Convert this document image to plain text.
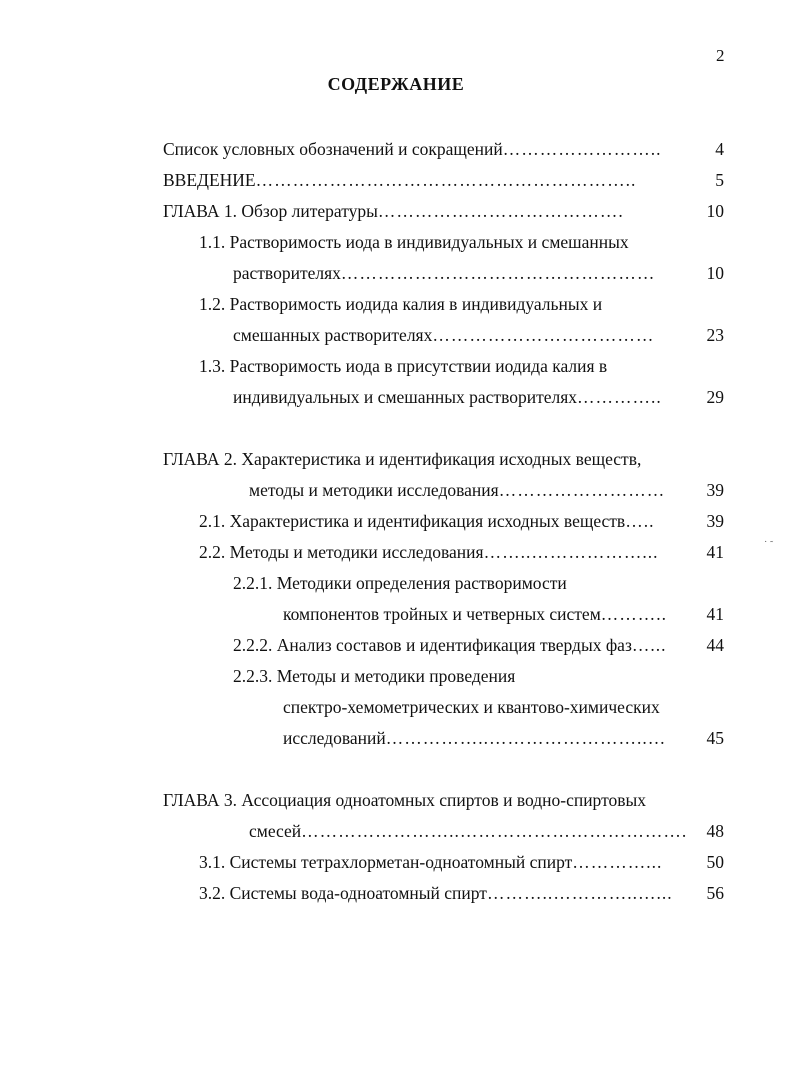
2
СОДЕРЖАНИЕ
Список условных обозначений и сокращений……………………..	4
ВВЕДЕНИЕ……………………………………………………..	5
ГЛАВА 1. Обзор литературы………………………………….	10
1.1. Растворимость иода в индивидуальных и смешанных
растворителях……………………………………………	10
1.2. Растворимость иодида калия в индивидуальных и
смешанных растворителях………………………………	23
1.3. Растворимость иода в присутствии иодида калия в
индивидуальных и смешанных растворителях…………..	29
ГЛАВА 2. Характеристика и идентификация исходных веществ,
методы и методики исследования………………………	39
2.1. Характеристика и идентификация исходных веществ…..	39
2.2. Методы и методики исследования……..………………...	41
2.2.1. Методики определения растворимости
компонентов тройных и четверных систем………..	41
2.2.2. Анализ составов и идентификация твердых фаз…...	44
2.2.3. Методы и методики проведения
спектро-хемометрических и квантово-химических
исследований……………..……………………..…	45
ГЛАВА 3. Ассоциация одноатомных спиртов и водно-спиртовых
смесей……………………..……………………………….	48
3.1. Системы тетрахлорметан-одноатомный спирт…………...	50
3.2. Системы вода-одноатомный спирт………..…………..…...	56
˙ ˜
